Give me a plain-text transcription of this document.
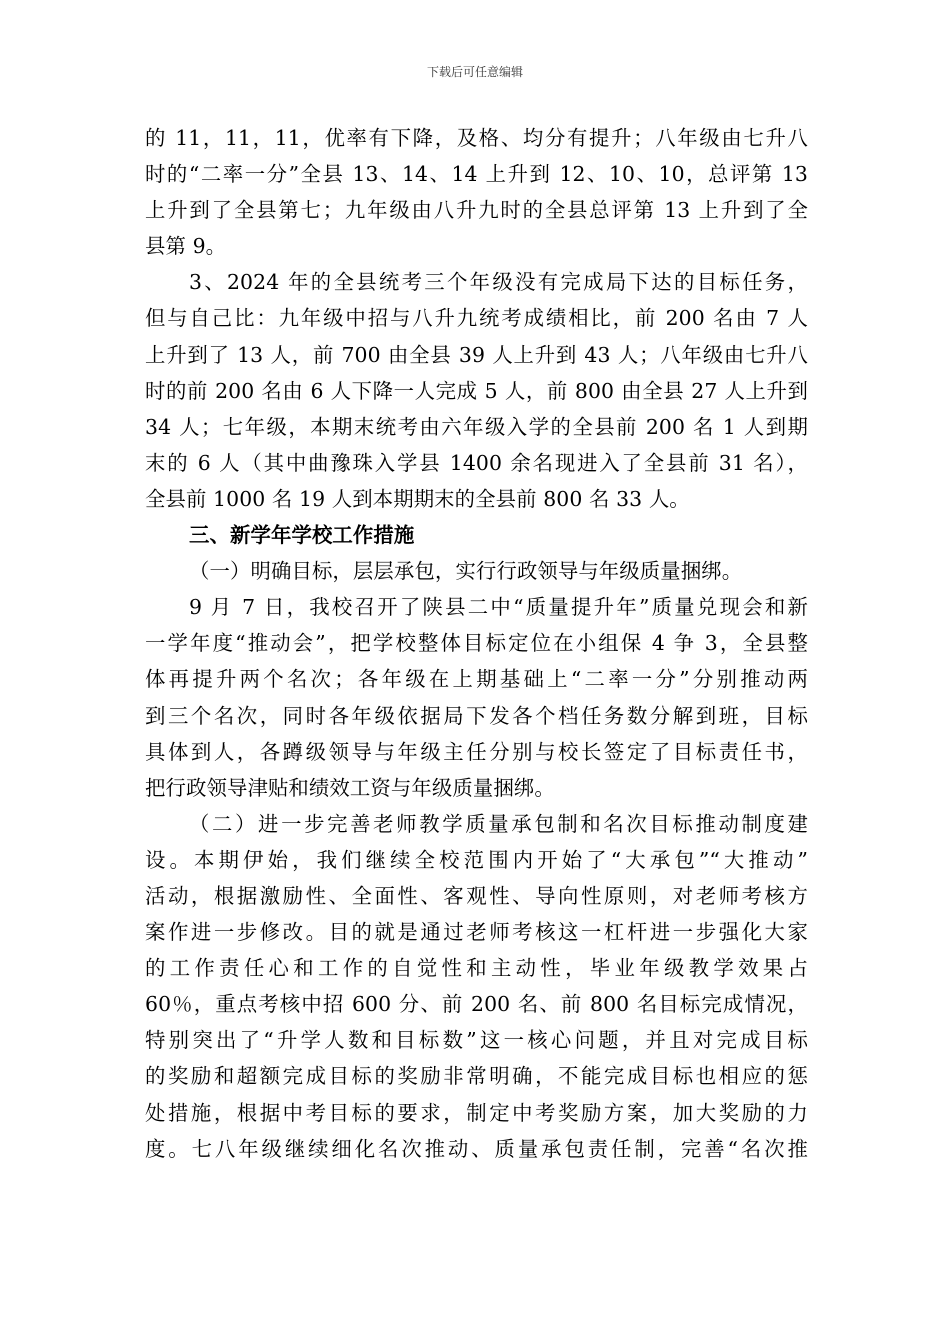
下载后可任意编辑
的 11，11，11，优率有下降，及格、均分有提升；八年级由七升八
时的“二率一分”全县 13、14、14 上升到 12、10、10，总评第 13
上升到了全县第七；九年级由八升九时的全县总评第 13 上升到了全
县第 9。
3、2024 年的全县统考三个年级没有完成局下达的目标任务，
但与自己比：九年级中招与八升九统考成绩相比，前 200 名由 7 人
上升到了 13 人，前 700 由全县 39 人上升到 43 人；八年级由七升八
时的前 200 名由 6 人下降一人完成 5 人，前 800 由全县 27 人上升到
34 人；七年级，本期末统考由六年级入学的全县前 200 名 1 人到期
末的 6 人（其中曲豫珠入学县 1400 余名现进入了全县前 31 名），
全县前 1000 名 19 人到本期期末的全县前 800 名 33 人。
三、新学年学校工作措施
（一）明确目标，层层承包，实行行政领导与年级质量捆绑。
9 月 7 日，我校召开了陕县二中“质量提升年”质量兑现会和新
一学年度“推动会”，把学校整体目标定位在小组保 4 争 3，全县整
体再提升两个名次；各年级在上期基础上“二率一分”分别推动两
到三个名次，同时各年级依据局下发各个档任务数分解到班，目标
具体到人，各蹲级领导与年级主任分别与校长签定了目标责任书，
把行政领导津贴和绩效工资与年级质量捆绑。
（二）进一步完善老师教学质量承包制和名次目标推动制度建
设。本期伊始，我们继续全校范围内开始了“大承包”“大推动”
活动，根据激励性、全面性、客观性、导向性原则，对老师考核方
案作进一步修改。目的就是通过老师考核这一杠杆进一步强化大家
的工作责任心和工作的自觉性和主动性，毕业年级教学效果占
60％，重点考核中招 600 分、前 200 名、前 800 名目标完成情况，
特别突出了“升学人数和目标数”这一核心问题，并且对完成目标
的奖励和超额完成目标的奖励非常明确，不能完成目标也相应的惩
处措施，根据中考目标的要求，制定中考奖励方案，加大奖励的力
度。七八年级继续细化名次推动、质量承包责任制，完善“名次推
